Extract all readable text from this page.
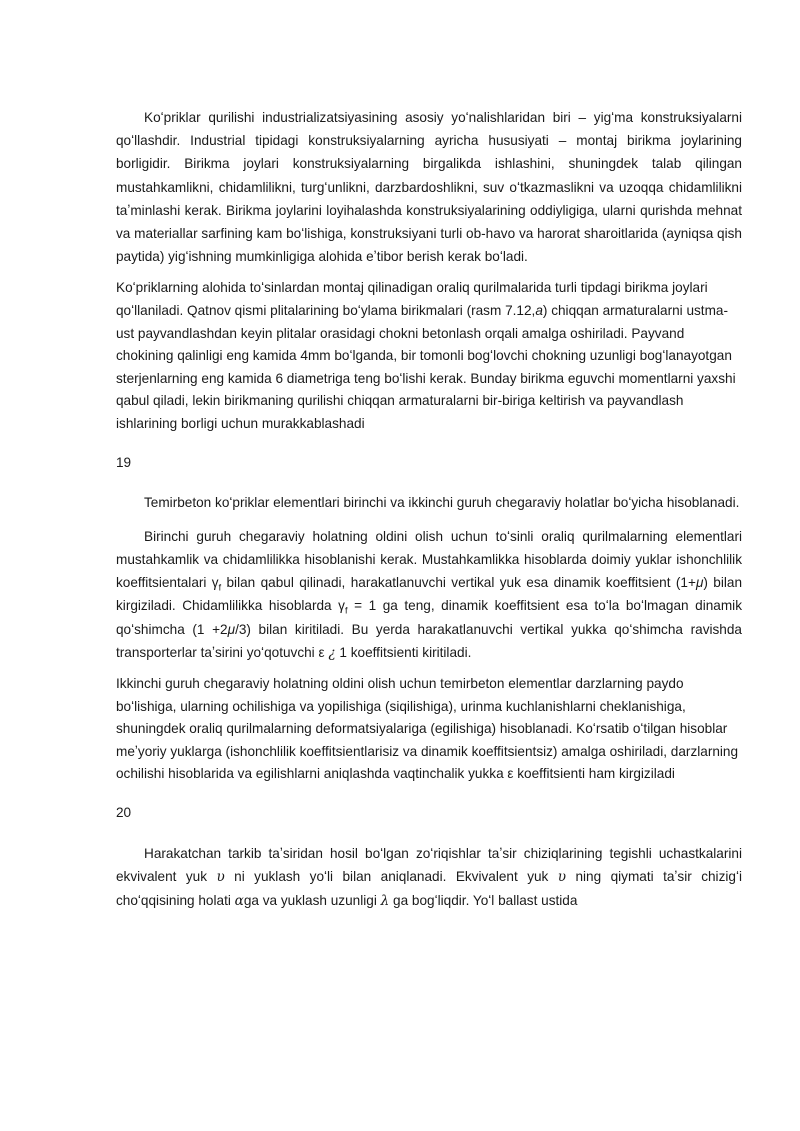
Koʻpriklar qurilishi industrializatsiyasining asosiy yoʻnalishlaridan biri – yigʻma konstruksiyalarni qoʻllashdir. Industrial tipidagi konstruksiyalarning ayricha hususiyati – montaj birikma joylarining borligidir. Birikma joylari konstruksiyalarning birgalikda ishlashini, shuningdek talab qilingan mustahkamlikni, chidamlilikni, turgʻunlikni, darzbardoshlikni, suv oʻtkazmaslikni va uzoqqa chidamlilikni taʼminlashi kerak. Birikma joylarini loyihalashda konstruksiyalarining oddiyligiga, ularni qurishda mehnat va materiallar sarfining kam boʻlishiga, konstruksiyani turli ob-havo va harorat sharoitlarida (ayniqsa qish paytida) yigʻishning mumkinligiga alohida eʼtibor berish kerak boʻladi.

Koʻpriklarning alohida toʻsinlardan montaj qilinadigan oraliq qurilmalarida turli tipdagi birikma joylari qoʻllaniladi. Qatnov qismi plitalarining boʻylama birikmalari (rasm 7.12,a) chiqqan armaturalarni ustma-ust payvandlashdan keyin plitalar orasidagi chokni betonlash orqali amalga oshiriladi. Payvand chokining qalinligi eng kamida 4mm boʻlganda, bir tomonli bogʻlovchi chokning uzunligi bogʻlanayotgan sterjenlarning eng kamida 6 diametriga teng boʻlishi kerak. Bunday birikma eguvchi momentlarni yaxshi qabul qiladi, lekin birikmaning qurilishi chiqqan armaturalarni bir-biriga keltirish va payvandlash ishlarining borligi uchun murakkablashadi

19

Temirbeton koʻpriklar elementlari birinchi va ikkinchi guruh chegaraviy holatlar boʻyicha hisoblanadi.

Birinchi guruh chegaraviy holatning oldini olish uchun toʻsinli oraliq qurilmalarning elementlari mustahkamlik va chidamlilikka hisoblanishi kerak. Mustahkamlikka hisoblarda doimiy yuklar ishonchlilik koeffitsientalari $\gamma_f$ bilan qabul qilinadi, harakatlanuvchi vertikal yuk esa dinamik koeffitsient (1+μ) bilan kirgiziladi. Chidamlilikka hisoblarda $\gamma_f = 1$ ga teng, dinamik koeffitsient esa toʻla boʻlmagan dinamik qoʻshimcha (1 +2μ/3) bilan kiritiladi. Bu yerda harakatlanuvchi vertikal yukka qoʻshimcha ravishda transporterlar taʼsirini yoʻqotuvchi ε ¿ 1 koeffitsienti kiritiladi.

Ikkinchi guruh chegaraviy holatning oldini olish uchun temirbeton elementlar darzlarning paydo boʻlishiga, ularning ochilishiga va yopilishiga (siqilishiga), urinma kuchlanishlarni cheklanishiga, shuningdek oraliq qurilmalarning deformatsiyalariga (egilishiga) hisoblanadi. Koʻrsatib oʻtilgan hisoblar meʼyoriy yuklarga (ishonchlilik koeffitsientlarisiz va dinamik koeffitsientsiz) amalga oshiriladi, darzlarning ochilishi hisoblarida va egilishlarni aniqlashda vaqtinchalik yukka ε koeffitsienti ham kirgiziladi

20

Harakatchan tarkib taʼsiridan hosil boʻlgan zoʻriqishlar taʼsir chiziqlarining tegishli uchastkalarini ekvivalent yuk υ ni yuklash yoʻli bilan aniqlanadi. Ekvivalent yuk υ ning qiymati taʼsir chizigʻi choʻqqisining holati αga va yuklash uzunligi λ ga bogʻliqdir. Yoʻl ballast ustida
